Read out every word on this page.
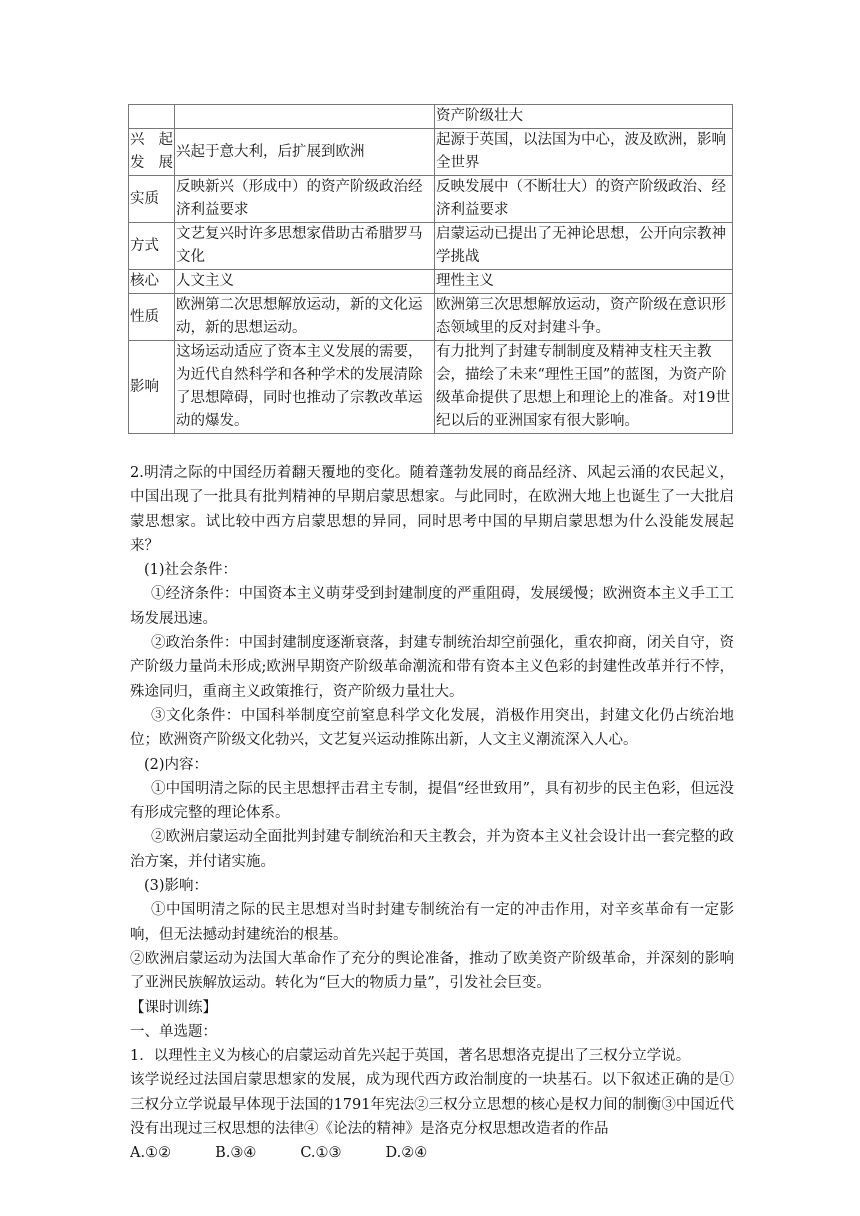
		资产阶级壮大
兴起发展	兴起于意大利，后扩展到欧洲	起源于英国，以法国为中心，波及欧洲，影响全世界
实质	反映新兴（形成中）的资产阶级政治经济利益要求	反映发展中（不断壮大）的资产阶级政治、经济利益要求
方式	文艺复兴时许多思想家借助古希腊罗马文化	启蒙运动已提出了无神论思想，公开向宗教神学挑战
核心	人文主义	理性主义
性质	欧洲第二次思想解放运动，新的文化运动，新的思想运动。	欧洲第三次思想解放运动，资产阶级在意识形态领域里的反对封建斗争。
影响	这场运动适应了资本主义发展的需要，为近代自然科学和各种学术的发展清除了思想障碍，同时也推动了宗教改革运动的爆发。	有力批判了封建专制制度及精神支柱天主教会，描绘了未来“理性王国”的蓝图，为资产阶级革命提供了思想上和理论上的准备。对19世纪以后的亚洲国家有很大影响。

2.明清之际的中国经历着翻天覆地的变化。随着蓬勃发展的商品经济、风起云涌的农民起义，中国出现了一批具有批判精神的早期启蒙思想家。与此同时，在欧洲大地上也诞生了一大批启蒙思想家。试比较中西方启蒙思想的异同，同时思考中国的早期启蒙思想为什么没能发展起来？

(1)社会条件：

①经济条件：中国资本主义萌芽受到封建制度的严重阻碍，发展缓慢；欧洲资本主义手工工场发展迅速。

②政治条件：中国封建制度逐渐衰落，封建专制统治却空前强化，重农抑商，闭关自守，资产阶级力量尚未形成;欧洲早期资产阶级革命潮流和带有资本主义色彩的封建性改革并行不悖，殊途同归，重商主义政策推行，资产阶级力量壮大。

③文化条件：中国科举制度空前窒息科学文化发展，消极作用突出，封建文化仍占统治地位；欧洲资产阶级文化勃兴，文艺复兴运动推陈出新，人文主义潮流深入人心。

(2)内容：

①中国明清之际的民主思想抨击君主专制，提倡“经世致用”，具有初步的民主色彩，但远没有形成完整的理论体系。

②欧洲启蒙运动全面批判封建专制统治和天主教会，并为资本主义社会设计出一套完整的政治方案，并付诸实施。

(3)影响：

①中国明清之际的民主思想对当时封建专制统治有一定的冲击作用，对辛亥革命有一定影响，但无法撼动封建统治的根基。

②欧洲启蒙运动为法国大革命作了充分的舆论准备，推动了欧美资产阶级革命，并深刻的影响了亚洲民族解放运动。转化为“巨大的物质力量”，引发社会巨变。

【课时训练】

一、单选题：

1．以理性主义为核心的启蒙运动首先兴起于英国，著名思想洛克提出了三权分立学说。

该学说经过法国启蒙思想家的发展，成为现代西方政治制度的一块基石。以下叙述正确的是①三权分立学说最早体现于法国的1791年宪法②三权分立思想的核心是权力间的制衡③中国近代没有出现过三权思想的法律④《论法的精神》是洛克分权思想改造者的作品

A.①②	B.③④	C.①③	D.②④
